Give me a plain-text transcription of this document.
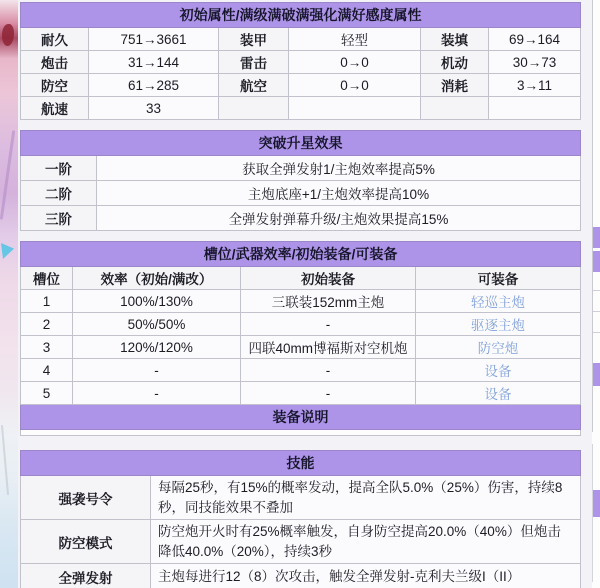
初始属性/满级满破满强化满好感度属性					
耐久	751→3661	装甲	轻型	装填	69→164
炮击	31→144	雷击	0→0	机动	30→73
防空	61→285	航空	0→0	消耗	3→11
航速	33				
突破升星效果	
一阶	获取全弹发射1/主炮效率提高5%
二阶	主炮底座+1/主炮效率提高10%
三阶	全弹发射弹幕升级/主炮效果提高15%
槽位/武器效率/初始装备/可装备			
槽位	效率（初始/满改）	初始装备	可装备
1	100%/130%	三联装152mm主炮	轻巡主炮
2	50%/50%	-	驱逐主炮
3	120%/120%	四联40mm博福斯对空机炮	防空炮
4	-	-	设备
5	-	-	设备
装备说明			

技能	
强袭号令	每隔25秒，有15%的概率发动，提高全队5.0%（25%）伤害，持续8秒，同技能效果不叠加
防空模式	防空炮开火时有25%概率触发，自身防空提高20.0%（40%）但炮击降低40.0%（20%），持续3秒
全弹发射	主炮每进行12（8）次攻击，触发全弹发射-克利夫兰级I（II）
